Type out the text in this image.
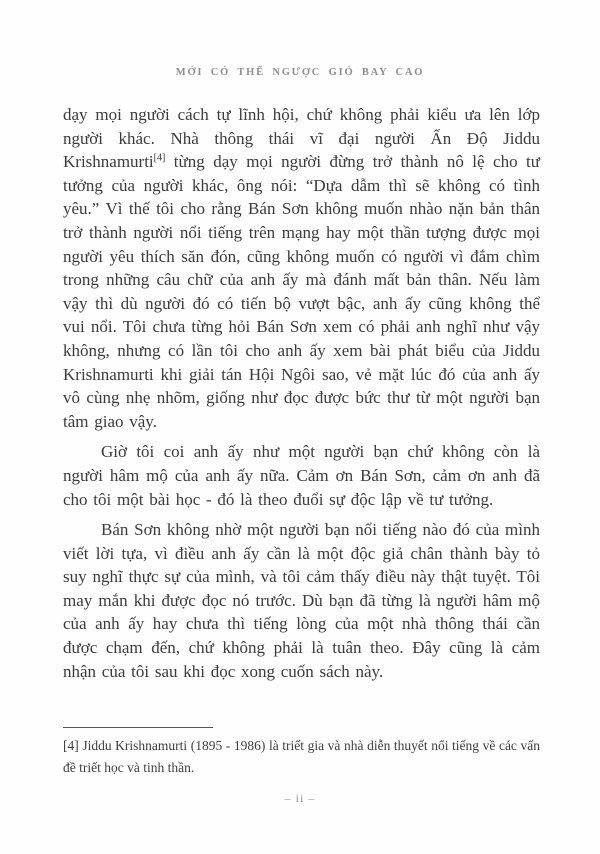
MỚI CÓ THỂ NGƯỢC GIÓ BAY CAO

dạy mọi người cách tự lĩnh hội, chứ không phải kiểu ưa lên lớp người khác. Nhà thông thái vĩ đại người Ấn Độ Jiddu Krishnamurti[4] từng dạy mọi người đừng trở thành nô lệ cho tư tưởng của người khác, ông nói: “Dựa dẫm thì sẽ không có tình yêu.” Vì thế tôi cho rằng Bán Sơn không muốn nhào nặn bản thân trở thành người nổi tiếng trên mạng hay một thần tượng được mọi người yêu thích săn đón, cũng không muốn có người vì đắm chìm trong những câu chữ của anh ấy mà đánh mất bản thân. Nếu làm vậy thì dù người đó có tiến bộ vượt bậc, anh ấy cũng không thể vui nổi. Tôi chưa từng hỏi Bán Sơn xem có phải anh nghĩ như vậy không, nhưng có lần tôi cho anh ấy xem bài phát biểu của Jiddu Krishnamurti khi giải tán Hội Ngôi sao, vẻ mặt lúc đó của anh ấy vô cùng nhẹ nhõm, giống như đọc được bức thư từ một người bạn tâm giao vậy.

Giờ tôi coi anh ấy như một người bạn chứ không còn là người hâm mộ của anh ấy nữa. Cảm ơn Bán Sơn, cảm ơn anh đã cho tôi một bài học - đó là theo đuổi sự độc lập về tư tưởng.

Bán Sơn không nhờ một người bạn nổi tiếng nào đó của mình viết lời tựa, vì điều anh ấy cần là một độc giả chân thành bày tỏ suy nghĩ thực sự của mình, và tôi cảm thấy điều này thật tuyệt. Tôi may mắn khi được đọc nó trước. Dù bạn đã từng là người hâm mộ của anh ấy hay chưa thì tiếng lòng của một nhà thông thái cần được chạm đến, chứ không phải là tuân theo. Đây cũng là cảm nhận của tôi sau khi đọc xong cuốn sách này.

[4] Jiddu Krishnamurti (1895 - 1986) là triết gia và nhà diễn thuyết nổi tiếng về các vấn đề triết học và tinh thần.

– ii –
